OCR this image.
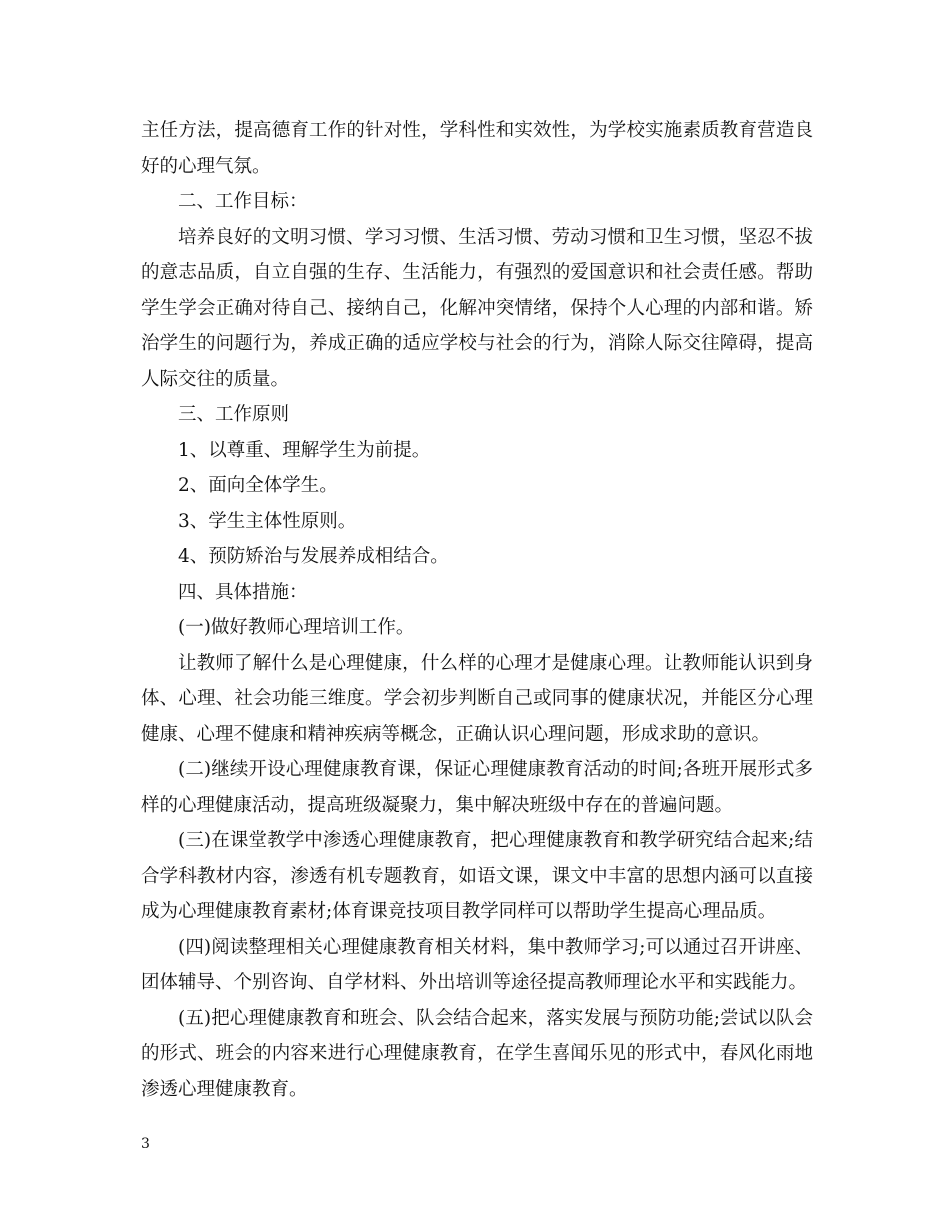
主任方法，提高德育工作的针对性，学科性和实效性，为学校实施素质教育营造良好的心理气氛。

二、工作目标：

培养良好的文明习惯、学习习惯、生活习惯、劳动习惯和卫生习惯，坚忍不拔的意志品质，自立自强的生存、生活能力，有强烈的爱国意识和社会责任感。帮助学生学会正确对待自己、接纳自己，化解冲突情绪，保持个人心理的内部和谐。矫治学生的问题行为，养成正确的适应学校与社会的行为，消除人际交往障碍，提高人际交往的质量。

三、工作原则

1、以尊重、理解学生为前提。

2、面向全体学生。

3、学生主体性原则。

4、预防矫治与发展养成相结合。

四、具体措施：

(一)做好教师心理培训工作。

让教师了解什么是心理健康，什么样的心理才是健康心理。让教师能认识到身体、心理、社会功能三维度。学会初步判断自己或同事的健康状况，并能区分心理健康、心理不健康和精神疾病等概念，正确认识心理问题，形成求助的意识。

(二)继续开设心理健康教育课，保证心理健康教育活动的时间;各班开展形式多样的心理健康活动，提高班级凝聚力，集中解决班级中存在的普遍问题。

(三)在课堂教学中渗透心理健康教育，把心理健康教育和教学研究结合起来;结合学科教材内容，渗透有机专题教育，如语文课，课文中丰富的思想内涵可以直接成为心理健康教育素材;体育课竞技项目教学同样可以帮助学生提高心理品质。

(四)阅读整理相关心理健康教育相关材料，集中教师学习;可以通过召开讲座、团体辅导、个别咨询、自学材料、外出培训等途径提高教师理论水平和实践能力。

(五)把心理健康教育和班会、队会结合起来，落实发展与预防功能;尝试以队会的形式、班会的内容来进行心理健康教育，在学生喜闻乐见的形式中，春风化雨地渗透心理健康教育。

3
